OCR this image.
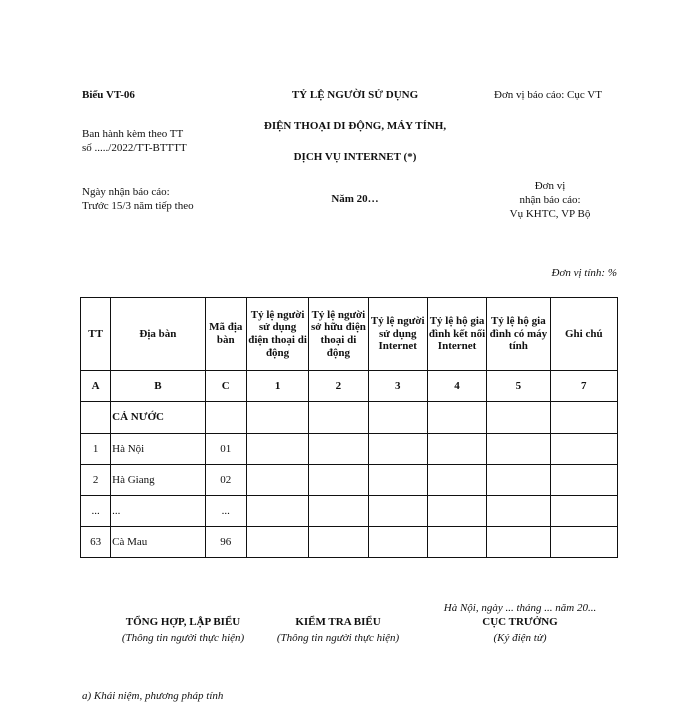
Biểu VT-06
Ban hành kèm theo TT
số ...../2022/TT-BTTTT
Ngày nhận báo cáo:
Trước 15/3 năm tiếp theo
TỶ LỆ NGƯỜI SỬ DỤNG
ĐIỆN THOẠI DI ĐỘNG, MÁY TÍNH,
DỊCH VỤ INTERNET (*)
Năm 20…
Đơn vị báo cáo: Cục VT
Đơn vị
nhận báo cáo:
Vụ KHTC, VP Bộ
Đơn vị tính: %
TT	Địa bàn	Mã địa bàn	Tỷ lệ người sử dụng điện thoại di động	Tỷ lệ người sở hữu điện thoại di động	Tỷ lệ người sử dụng Internet	Tỷ lệ hộ gia đình kết nối Internet	Tỷ lệ hộ gia đình có máy tính	Ghi chú
A	B	C	1	2	3	4	5	7
	CẢ NƯỚC							
1	Hà Nội	01						
2	Hà Giang	02						
...	...	...						
63	Cà Mau	96						
Hà Nội, ngày ... tháng ... năm 20...
TỔNG HỢP, LẬP BIỂU
(Thông tin người thực hiện)
KIỂM TRA BIỂU
(Thông tin người thực hiện)
CỤC TRƯỞNG
(Ký điện tử)
a) Khái niệm, phương pháp tính
